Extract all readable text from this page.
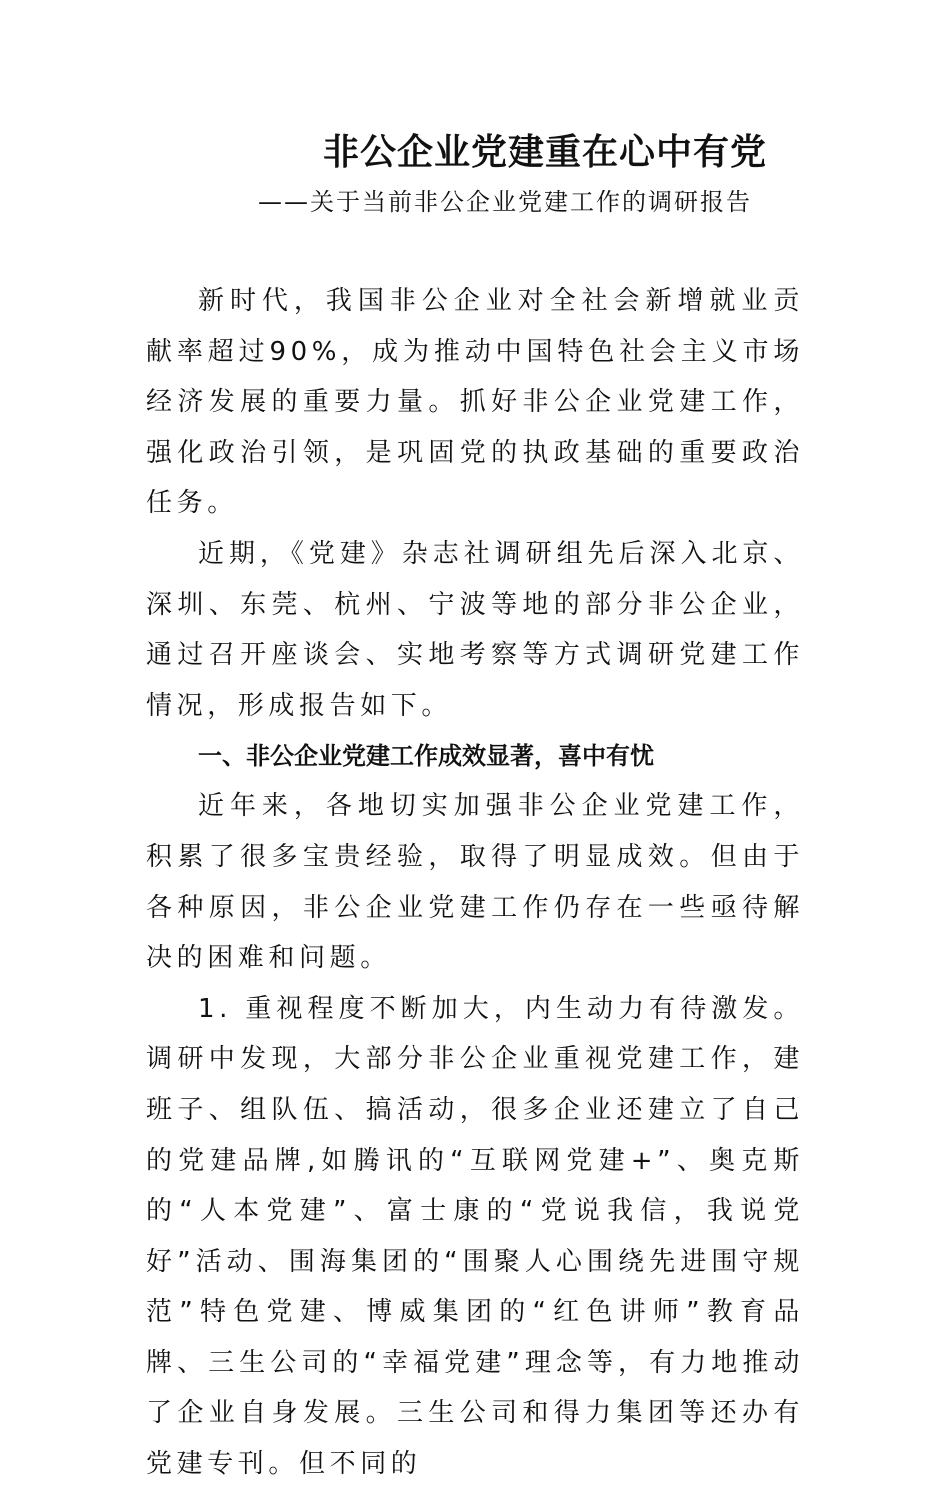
非公企业党建重在心中有党

——关于当前非公企业党建工作的调研报告

新时代，我国非公企业对全社会新增就业贡献率超过90%，成为推动中国特色社会主义市场经济发展的重要力量。抓好非公企业党建工作，强化政治引领，是巩固党的执政基础的重要政治任务。

近期，《党建》杂志社调研组先后深入北京、深圳、东莞、杭州、宁波等地的部分非公企业，通过召开座谈会、实地考察等方式调研党建工作情况，形成报告如下。

一、非公企业党建工作成效显著，喜中有忧

近年来，各地切实加强非公企业党建工作，积累了很多宝贵经验，取得了明显成效。但由于各种原因，非公企业党建工作仍存在一些亟待解决的困难和问题。

1. 重视程度不断加大，内生动力有待激发。调研中发现，大部分非公企业重视党建工作，建班子、组队伍、搞活动，很多企业还建立了自己的党建品牌,如腾讯的“互联网党建+”、奥克斯的“人本党建”、富士康的“党说我信，我说党好”活动、围海集团的“围聚人心围绕先进围守规范”特色党建、博威集团的“红色讲师”教育品牌、三生公司的“幸福党建”理念等，有力地推动了企业自身发展。三生公司和得力集团等还办有党建专刊。但不同的
